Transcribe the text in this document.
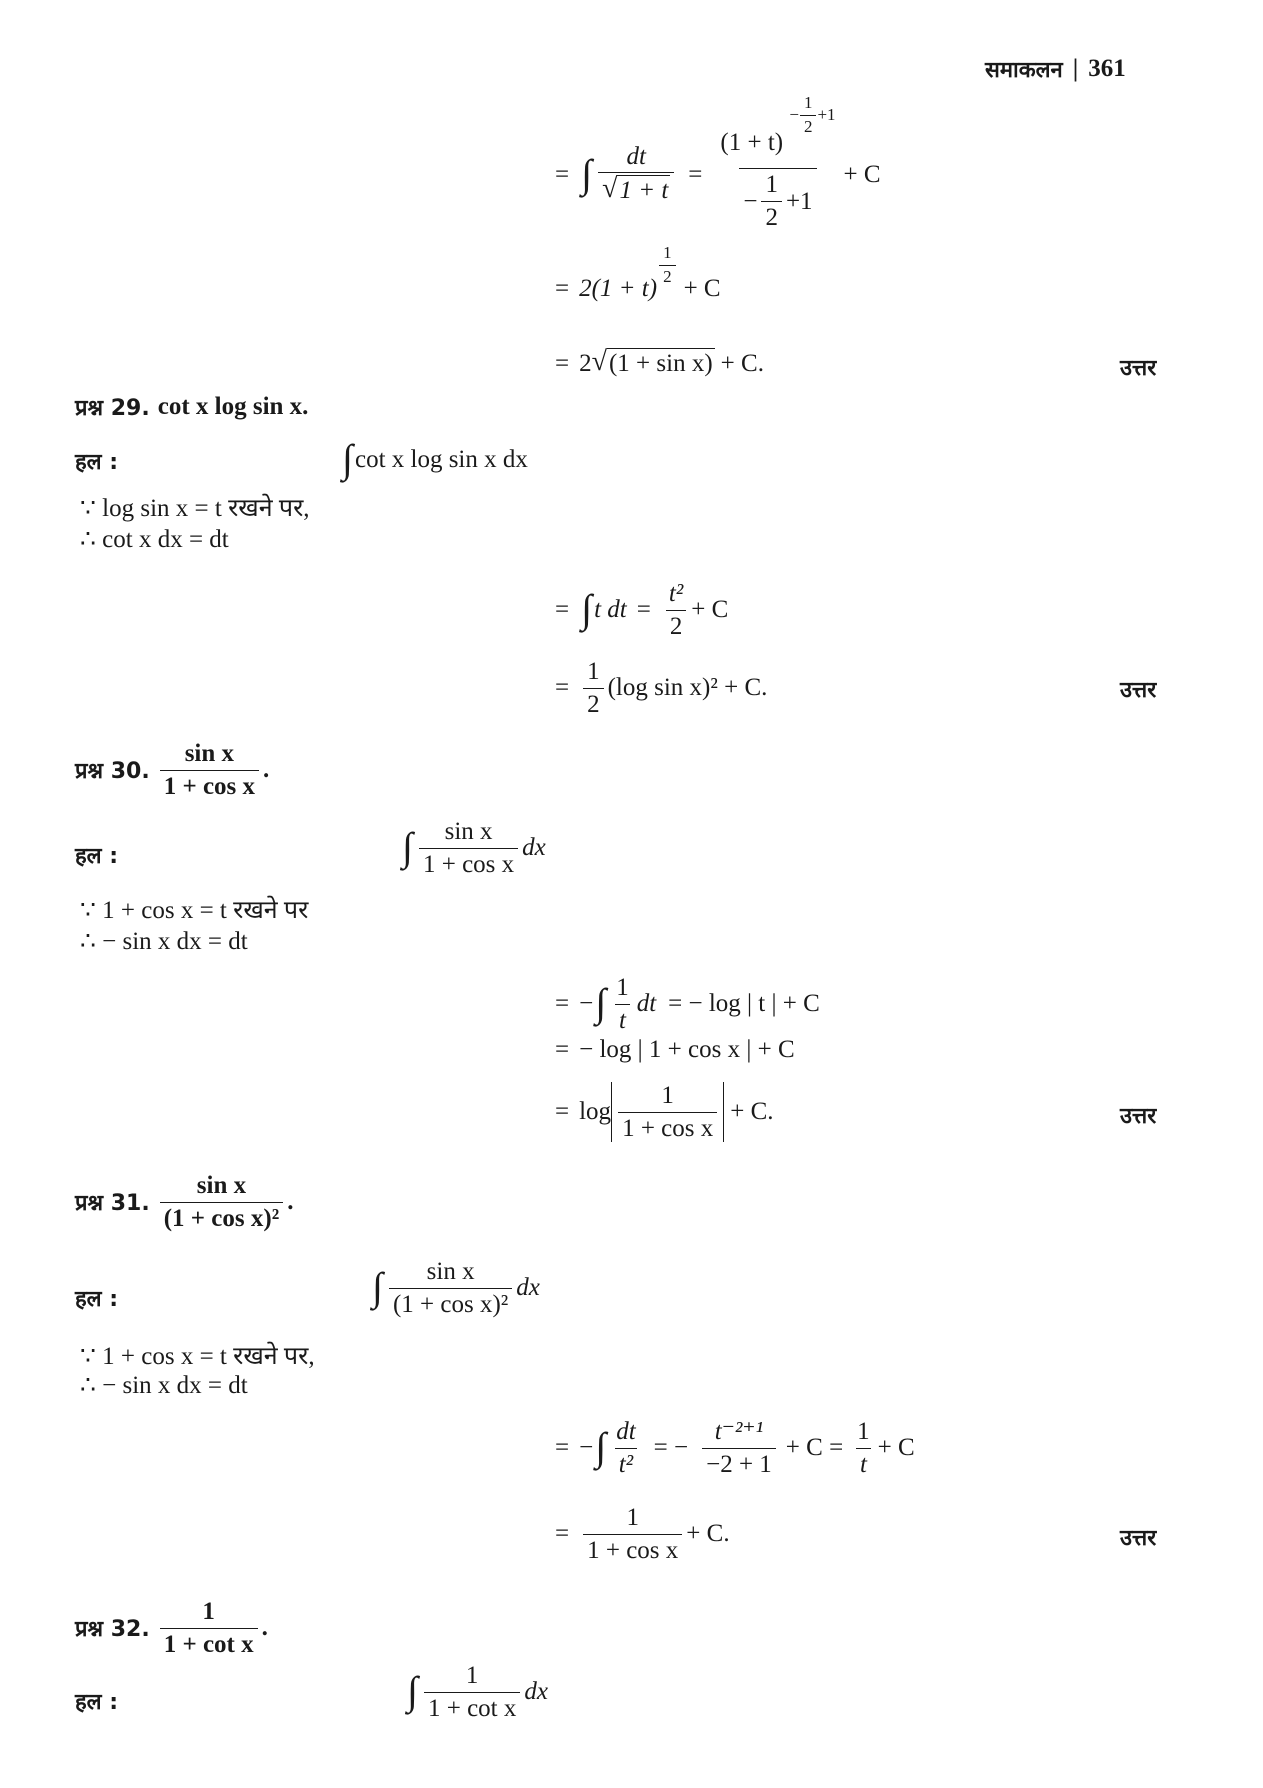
समाकलन | 361
= ∫ $\frac{dt}{√ 1 + t} = \frac{(1 + t) - \frac{1}{2} +1}{- \frac{1}{2} +1} + C$
= 2(1 + t)
$\frac{1}{2}$
+ C
= 2 √ (1 + sin x) + C.	उत्तर
प्रश्न 29. cot x log sin x.
हल :	∫ cot x log sin x dx
∵ log sin x = t रखने पर,
∴ cot x dx = dt
= ∫ t dt = $\frac{\text{t²}}{2} + C$
= $\frac{1}{2} (\log$ sin x)² + C.	उत्तर
प्रश्न 30. $\frac{\text{sin x}}{\text{1 + cos x}}$ .
हल :	∫ $\frac{\text{sin x}}{\text{1 + cos x}}$ dx
∵ 1 + cos x = t रखने पर
∴ − sin x dx = dt
= − ∫ $\frac{1}{t}$ dt = − log | t | + C
= − log | 1 + cos x | + C
= $\log \frac{1}{\text{1 + cos x}} + C$.	उत्तर
प्रश्न 31. $\frac{\text{sin x}}{\text{(1 + cos x)²}}$ .
हल :	∫ $\frac{\text{sin x}}{\text{(1 + cos x)²}}$ dx
∵ 1 + cos x = t रखने पर,
∴ − sin x dx = dt
= − ∫ $\frac{dt}{\text{t²}}$ = − $\frac{\text{t⁻²⁺¹}}{-2 + 1} + C = \frac{1}{t} + C$
= $\frac{1}{\text{1 + cos x}} + C$.	उत्तर
प्रश्न 32. $\frac{1}{\text{1 + cot x}}$ .
हल :	∫ $\frac{1}{\text{1 + cot x}}$ dx
